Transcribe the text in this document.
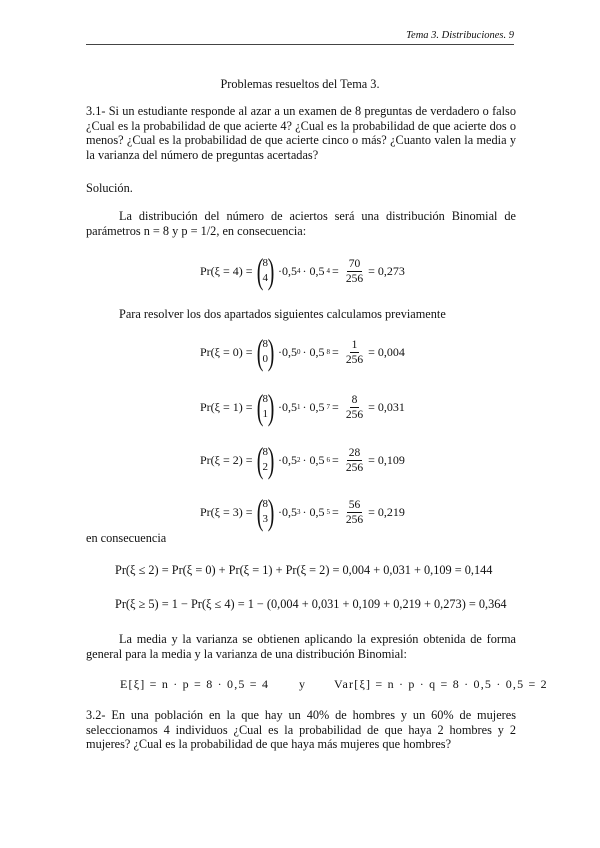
Tema 3. Distribuciones. 9
Problemas resueltos del Tema 3.
3.1- Si un estudiante responde al azar a un examen de 8 preguntas de verdadero o falso ¿Cual es la probabilidad de que acierte 4? ¿Cual es la probabilidad de que acierte dos o menos? ¿Cual es la probabilidad de que acierte cinco o más? ¿Cuanto valen la media y la varianza del número de preguntas acertadas?
Solución.
La distribución del número de aciertos será una distribución Binomial de parámetros n = 8 y p = 1/2, en consecuencia:
Pr(ξ = 4) = ( 8
4 ) ·0,5 4 · 0,5 $4 = \frac{70}{256} = 0,273$
Para resolver los dos apartados siguientes calculamos previamente
Pr(ξ = 0) = ( 8
0 ) ·0,5 0 · 0,5 $8 = \frac{1}{256} = 0,004$
Pr(ξ = 1) = ( 8
1 ) ·0,5 1 · 0,5 $7 = \frac{8}{256} = 0,031$
Pr(ξ = 2) = ( 8
2 ) ·0,5 2 · 0,5 $6 = \frac{28}{256} = 0,109$
Pr(ξ = 3) = ( 8
3 ) ·0,5 3 · 0,5 $5 = \frac{56}{256} = 0,219$
en consecuencia
Pr(ξ ≤ 2) = Pr(ξ = 0) + Pr(ξ = 1) + Pr(ξ = 2) = 0,004 + 0,031 + 0,109 = 0,144
Pr(ξ ≥ 5) = 1 − Pr(ξ ≤ 4) = 1 − (0,004 + 0,031 + 0,109 + 0,219 + 0,273) = 0,364
La media y la varianza se obtienen aplicando la expresión obtenida de forma general para la media y la varianza de una distribución Binomial:
E[ξ] = n · p = 8 · 0,5 = 4 y Var[ξ] = n · p · q = 8 · 0,5 · 0,5 = 2
3.2- En una población en la que hay un 40% de hombres y un 60% de mujeres seleccionamos 4 individuos ¿Cual es la probabilidad de que haya 2 hombres y 2 mujeres? ¿Cual es la probabilidad de que haya más mujeres que hombres?
